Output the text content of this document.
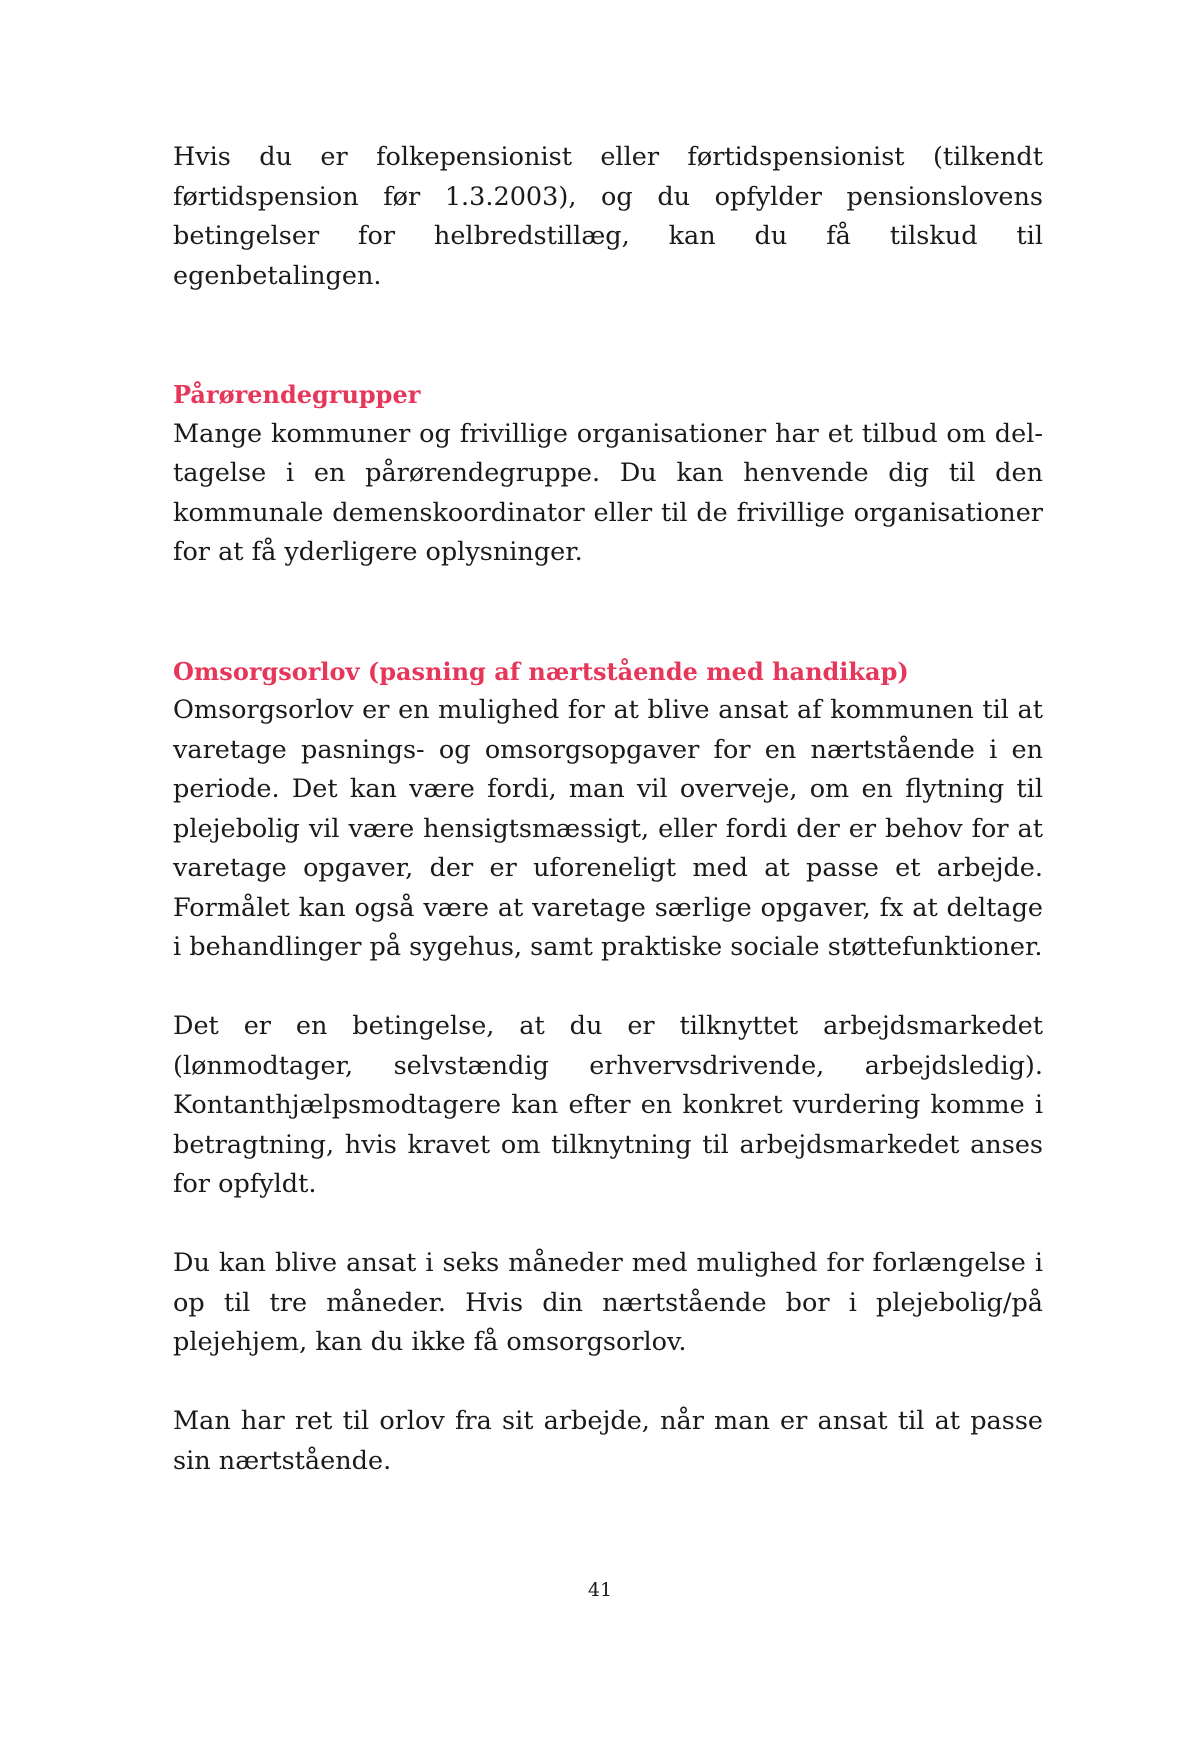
Hvis du er folkepensionist eller førtidspensionist (tilkendt førtidspension før 1.3.2003), og du opfylder pensionslovens betingelser for helbredstillæg, kan du få tilskud til egenbetalingen.

Pårørendegrupper

Mange kommuner og frivillige organisationer har et tilbud om deltagelse i en pårørendegruppe. Du kan henvende dig til den kommunale demenskoordinator eller til de frivillige organisationer for at få yderligere oplysninger.

Omsorgsorlov (pasning af nærtstående med handikap)

Omsorgsorlov er en mulighed for at blive ansat af kommunen til at varetage pasnings- og omsorgsopgaver for en nærtstående i en periode. Det kan være fordi, man vil overveje, om en flytning til plejebolig vil være hensigtsmæssigt, eller fordi der er behov for at varetage opgaver, der er uforeneligt med at passe et arbejde. Formålet kan også være at varetage særlige opgaver, fx at deltage i behandlinger på sygehus, samt praktiske sociale støttefunktioner.

Det er en betingelse, at du er tilknyttet arbejdsmarkedet (lønmodtager, selvstændig erhvervsdrivende, arbejdsledig). Kontanthjælpsmodtagere kan efter en konkret vurdering komme i betragtning, hvis kravet om tilknytning til arbejdsmarkedet anses for opfyldt.

Du kan blive ansat i seks måneder med mulighed for forlængelse i op til tre måneder. Hvis din nærtstående bor i plejebolig/på plejehjem, kan du ikke få omsorgsorlov.

Man har ret til orlov fra sit arbejde, når man er ansat til at passe sin nærtstående.

41
